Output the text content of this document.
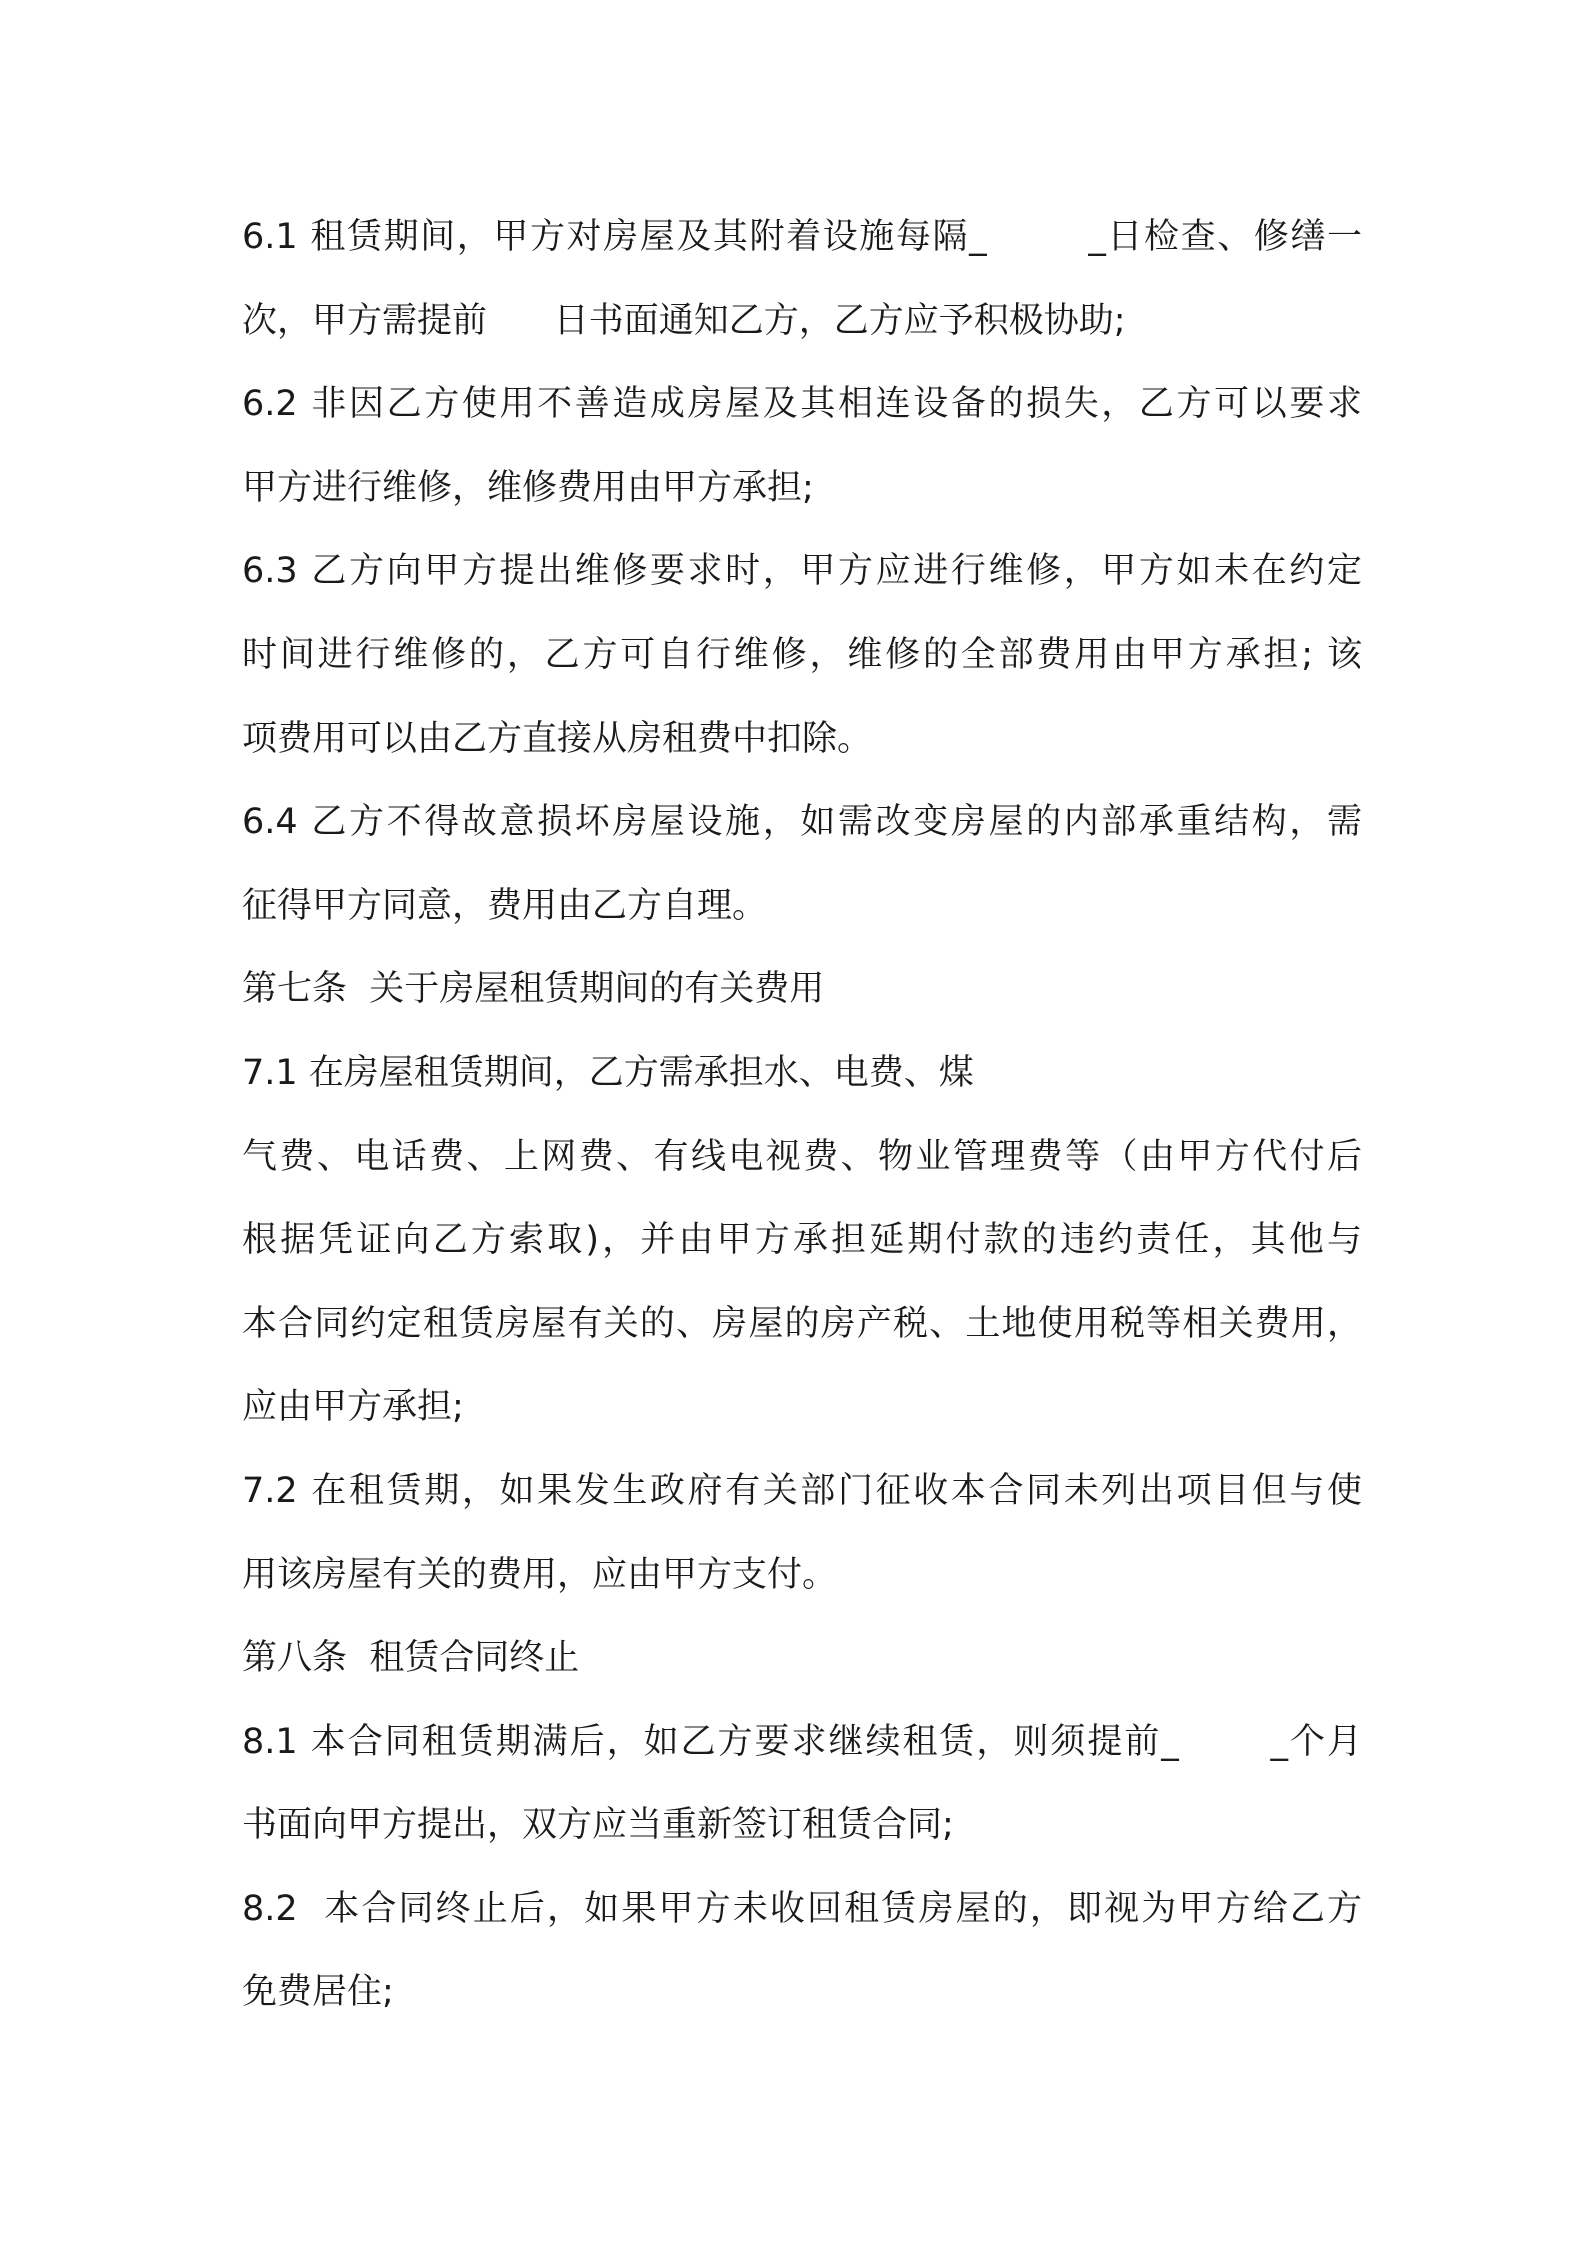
6.1 租赁期间，甲方对房屋及其附着设施每隔_        _日检查、修缮一
次，甲方需提前      日书面通知乙方，乙方应予积极协助;
6.2 非因乙方使用不善造成房屋及其相连设备的损失，乙方可以要求
甲方进行维修，维修费用由甲方承担;
6.3 乙方向甲方提出维修要求时，甲方应进行维修，甲方如未在约定
时间进行维修的，乙方可自行维修，维修的全部费用由甲方承担; 该
项费用可以由乙方直接从房租费中扣除。
6.4 乙方不得故意损坏房屋设施，如需改变房屋的内部承重结构，需
征得甲方同意，费用由乙方自理。
第七条  关于房屋租赁期间的有关费用
7.1 在房屋租赁期间，乙方需承担水、电费、煤
气费、电话费、上网费、有线电视费、物业管理费等（由甲方代付后
根据凭证向乙方索取)，并由甲方承担延期付款的违约责任，其他与
本合同约定租赁房屋有关的、房屋的房产税、土地使用税等相关费用，
应由甲方承担;
7.2 在租赁期，如果发生政府有关部门征收本合同未列出项目但与使
用该房屋有关的费用，应由甲方支付。
第八条  租赁合同终止
8.1 本合同租赁期满后，如乙方要求继续租赁，则须提前_       _个月
书面向甲方提出，双方应当重新签订租赁合同;
8.2  本合同终止后，如果甲方未收回租赁房屋的，即视为甲方给乙方
免费居住;
